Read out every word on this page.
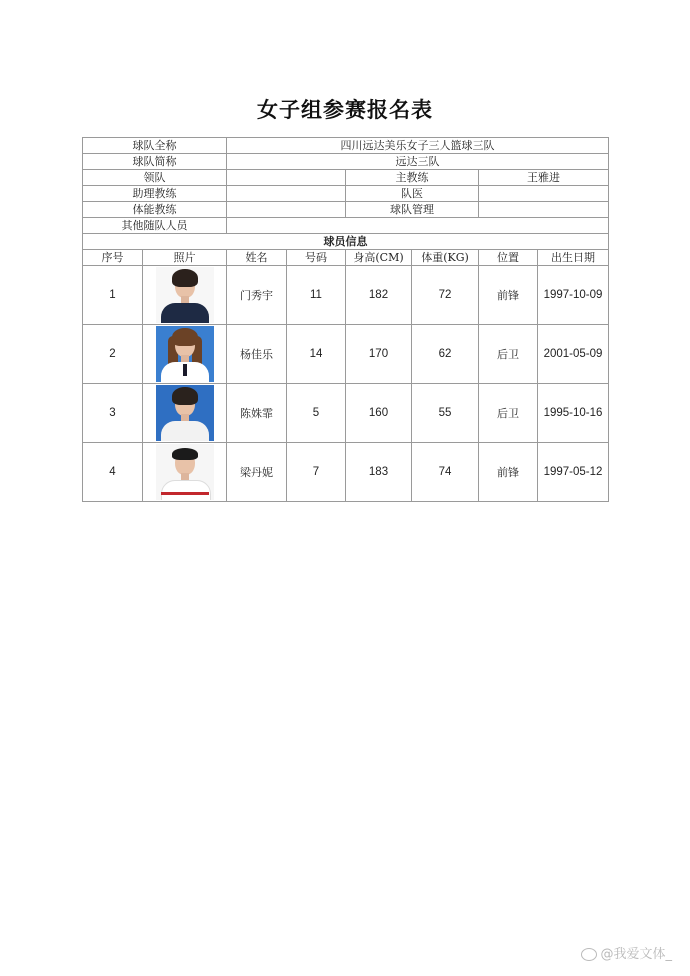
女子组参赛报名表
球队全称		四川远达美乐女子三人篮球三队					
球队简称		远达三队					
领队				主教练		王雅进	
助理教练				队医			
体能教练				球队管理			
其他随队人员							
球员信息							
序号	照片	姓名	号码	身高(CM)	体重(KG)	位置	出生日期
1		门秀宇	11	182	72	前锋	1997-10-09
2		杨佳乐	14	170	62	后卫	2001-05-09
3		陈姝霏	5	160	55	后卫	1995-10-16
4		梁丹妮	7	183	74	前锋	1997-05-12
@我爱文体_
